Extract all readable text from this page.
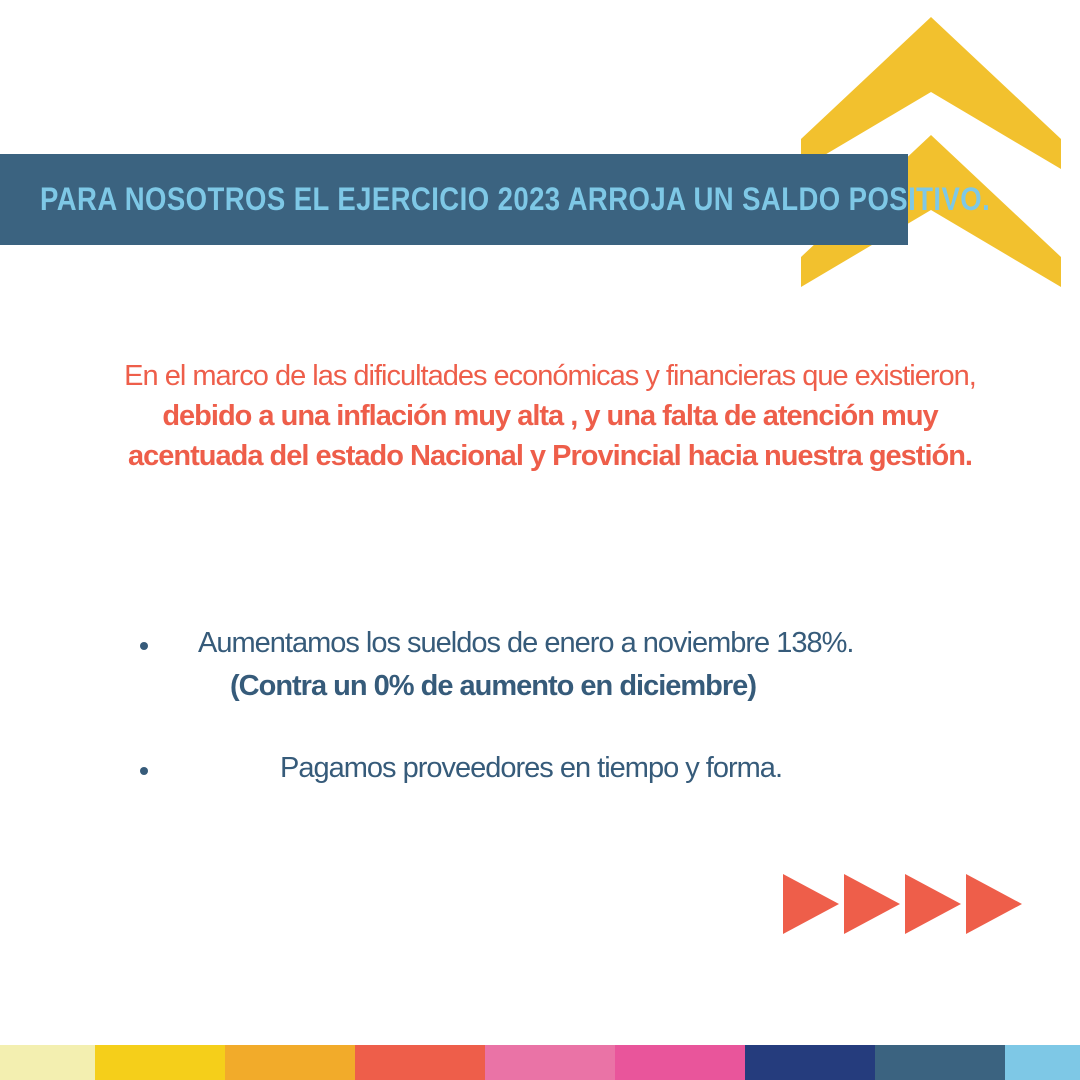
PARA NOSOTROS EL EJERCICIO 2023 ARROJA UN SALDO POSITIVO.
En el marco de las dificultades económicas y financieras que existieron, debido a una inflación muy alta , y una falta de atención muy acentuada del estado Nacional y Provincial hacia nuestra gestión.
Aumentamos los sueldos de enero a noviembre 138%.
(Contra un 0% de aumento en diciembre)
Pagamos proveedores en tiempo y forma.
